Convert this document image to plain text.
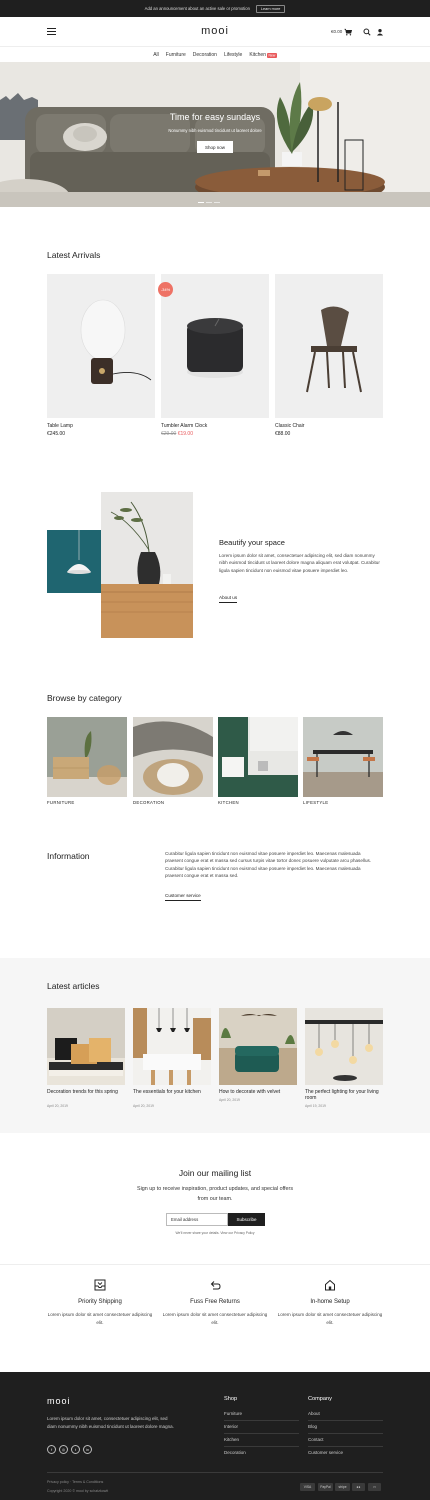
Add an announcement about an active sale or promotion	Learn more
mooi	€0.00
All Furniture Decoration Lifestyle Kitchen New
Time for easy sundays
Nonummy nibh euismod tincidunt ut laoreet dolore
Shop now
Latest Arrivals
-34%
Table Lamp
€245.00
Tumbler Alarm Clock
€29.00 €19.00
Classic Chair
€88.00
Beautify your space
Lorem ipsum dolor sit amet, consectetuer adipiscing elit, sed diam nonummy nibh euismod tincidunt ut laoreet dolore magna aliquam erat volutpat. Curabitur ligula sapien tincidunt non euismod vitae posuere imperdiet leo.
About us
Browse by category
FURNITURE	DECORATION	KITCHEN	LIFESTYLE
Information	Curabitur ligula sapien tincidunt non euismod vitae posuere imperdiet leo. Maecenas malesuada praesent congue erat et massa sed cursus turpis vitae tortor donec posuere vulputate arcu phasellus. Curabitur ligula sapien tincidunt non euismod vitae posuere imperdiet leo. Maecenas malesuada praesent congue erat et massa sed.
Customer service
Latest articles
Decoration trends for this spring
April 20, 2019
The essentials for your kitchen
April 20, 2019
How to decorate with velvet
April 20, 2019
The perfect lighting for your living room
April 19, 2019
Join our mailing list
Sign up to receive inspiration, product updates, and special offers from our team.
Email address	Subscribe
We'll never share your details. View our Privacy Policy
Priority Shipping
Lorem ipsum dolor sit amet consectetuer adipiscing elit.
Fuss Free Returns
Lorem ipsum dolor sit amet consectetuer adipiscing elit.
In-home Setup
Lorem ipsum dolor sit amet consectetuer adipiscing elit.
mooi
Lorem ipsum dolor sit amet, consectetuer adipiscing elit, sed diam nonummy nibh euismod tincidunt ut laoreet dolore magna.
f	◎	t	in
Shop
Furniture
Interior
Kitchen
Decoration
Company
About
Blog
Contact
Customer service
Privacy policy · Terms & Conditions
Copyright 2020 © mooi by schatzkowit
VISA	PayPal	stripe	●●	▭
